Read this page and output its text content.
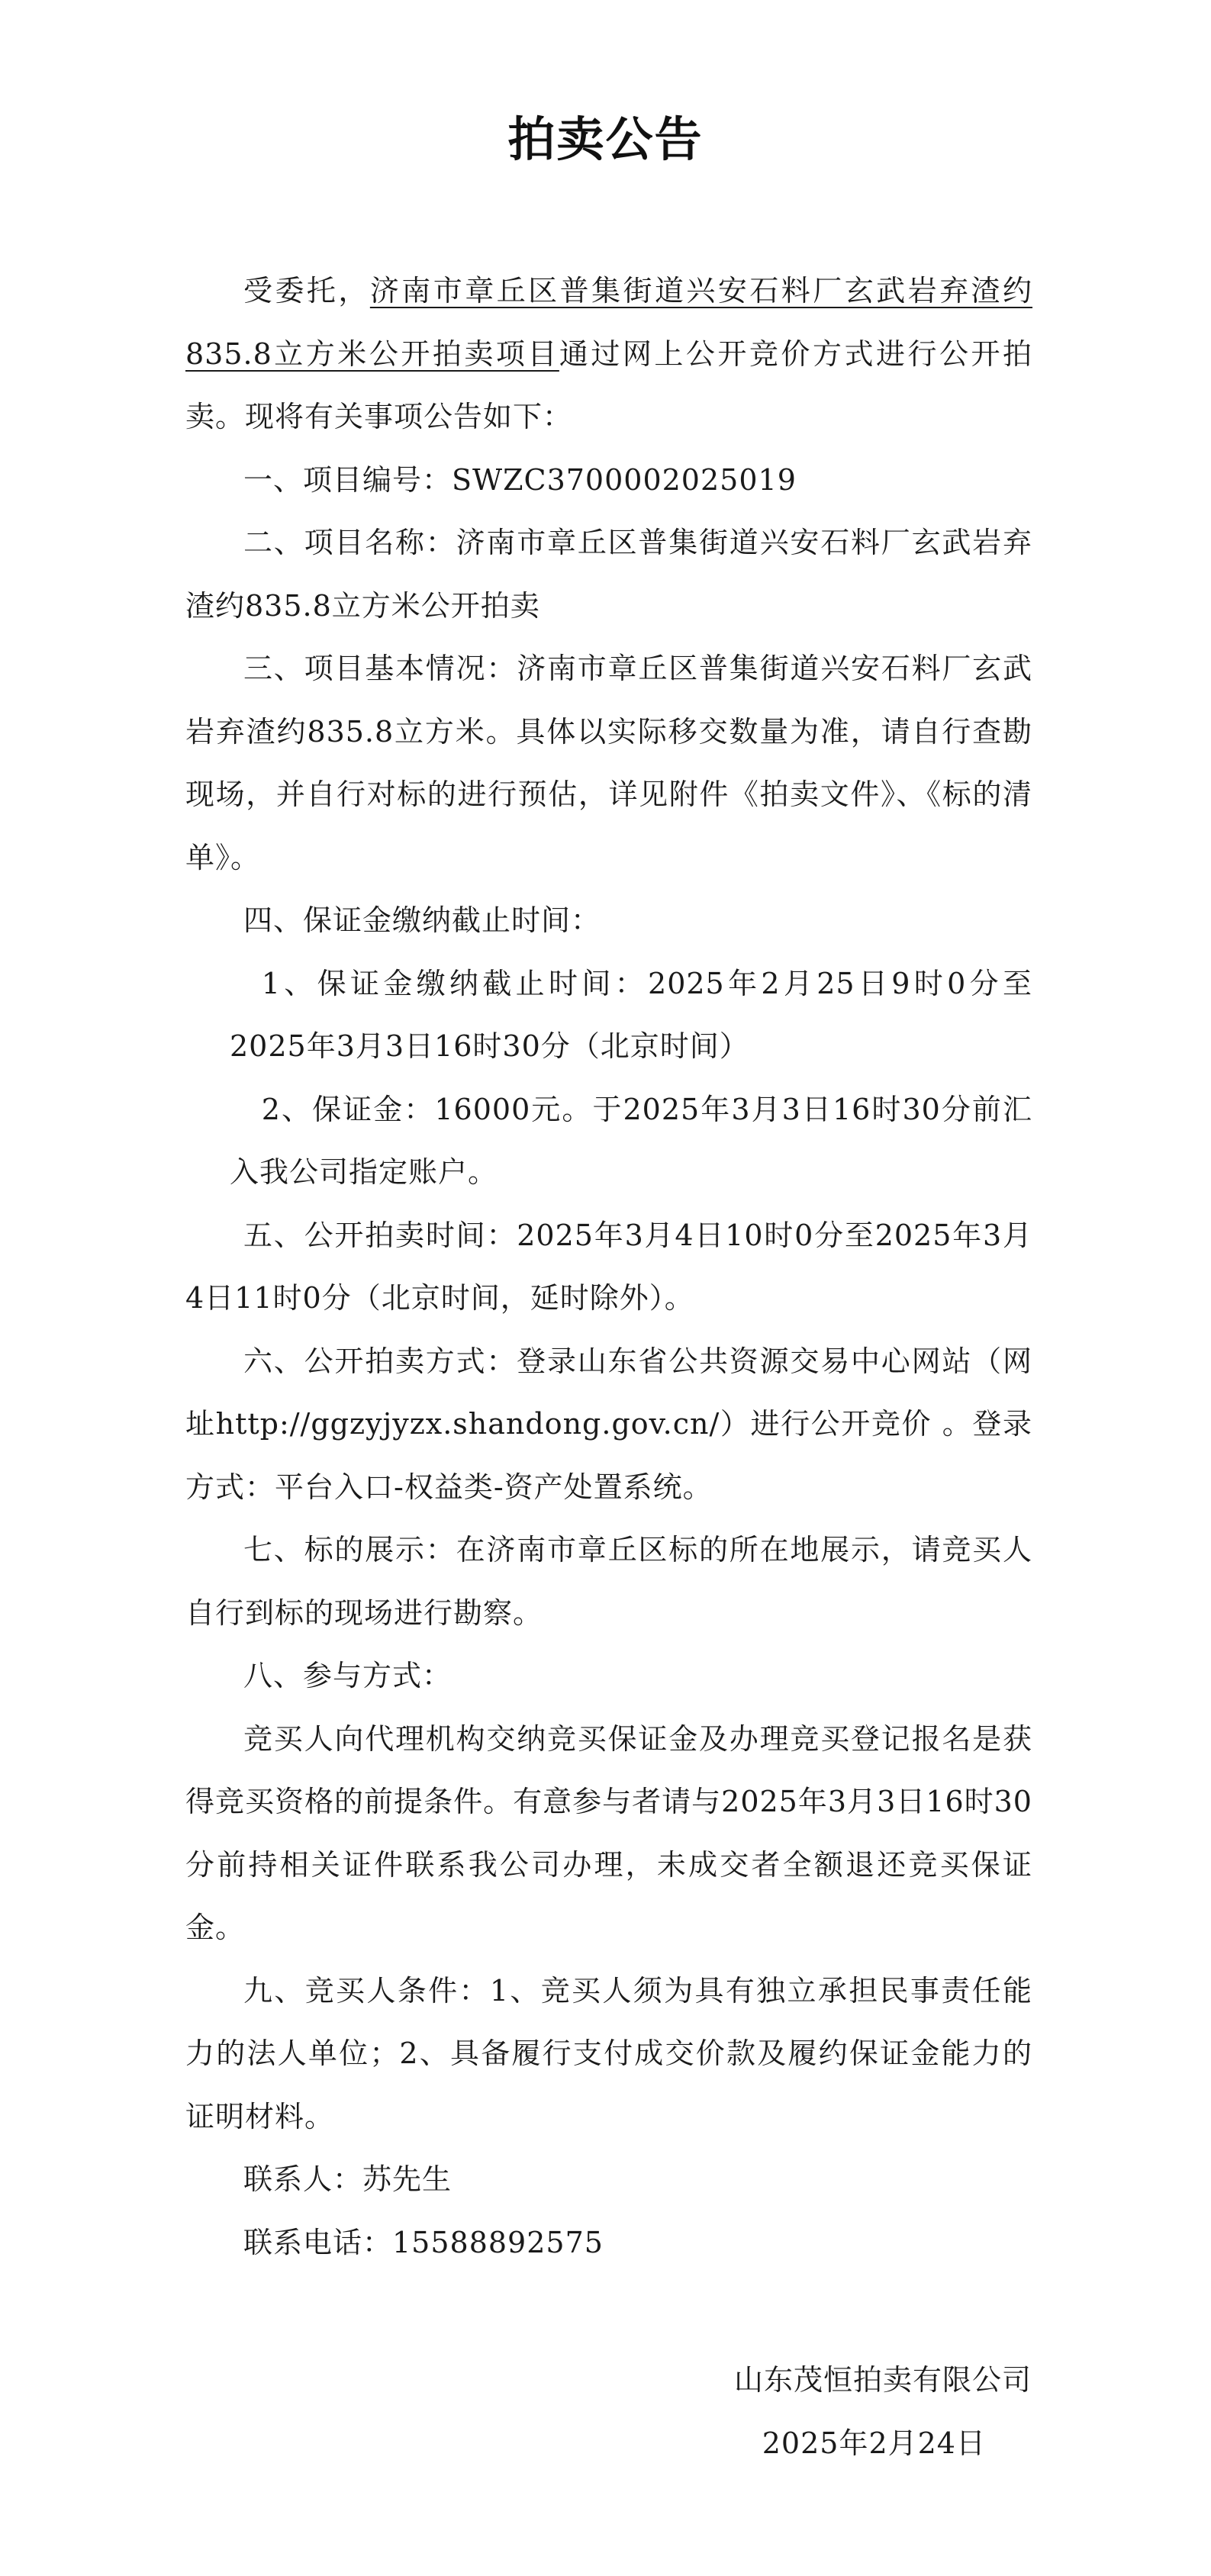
拍卖公告

受委托，济南市章丘区普集街道兴安石料厂玄武岩弃渣约835.8立方米公开拍卖项目通过网上公开竞价方式进行公开拍卖。现将有关事项公告如下：

一、项目编号：SWZC3700002025019

二、项目名称：济南市章丘区普集街道兴安石料厂玄武岩弃渣约835.8立方米公开拍卖

三、项目基本情况：济南市章丘区普集街道兴安石料厂玄武岩弃渣约835.8立方米。具体以实际移交数量为准，请自行查勘现场，并自行对标的进行预估，详见附件《拍卖文件》、《标的清单》。

四、保证金缴纳截止时间：

1、保证金缴纳截止时间：2025年2月25日9时0分至2025年3月3日16时30分（北京时间）

2、保证金：16000元。于2025年3月3日16时30分前汇入我公司指定账户。

五、公开拍卖时间：2025年3月4日10时0分至2025年3月4日11时0分（北京时间，延时除外）。

六、公开拍卖方式：登录山东省公共资源交易中心网站（网址http://ggzyjyzx.shandong.gov.cn/）进行公开竞价 。登录方式：平台入口-权益类-资产处置系统。

七、标的展示：在济南市章丘区标的所在地展示，请竞买人自行到标的现场进行勘察。

八、参与方式：

竞买人向代理机构交纳竞买保证金及办理竞买登记报名是获得竞买资格的前提条件。有意参与者请与2025年3月3日16时30分前持相关证件联系我公司办理，未成交者全额退还竞买保证金。

九、竞买人条件：1、竞买人须为具有独立承担民事责任能力的法人单位；2、具备履行支付成交价款及履约保证金能力的证明材料。

联系人：苏先生

联系电话：15588892575

山东茂恒拍卖有限公司
2025年2月24日
